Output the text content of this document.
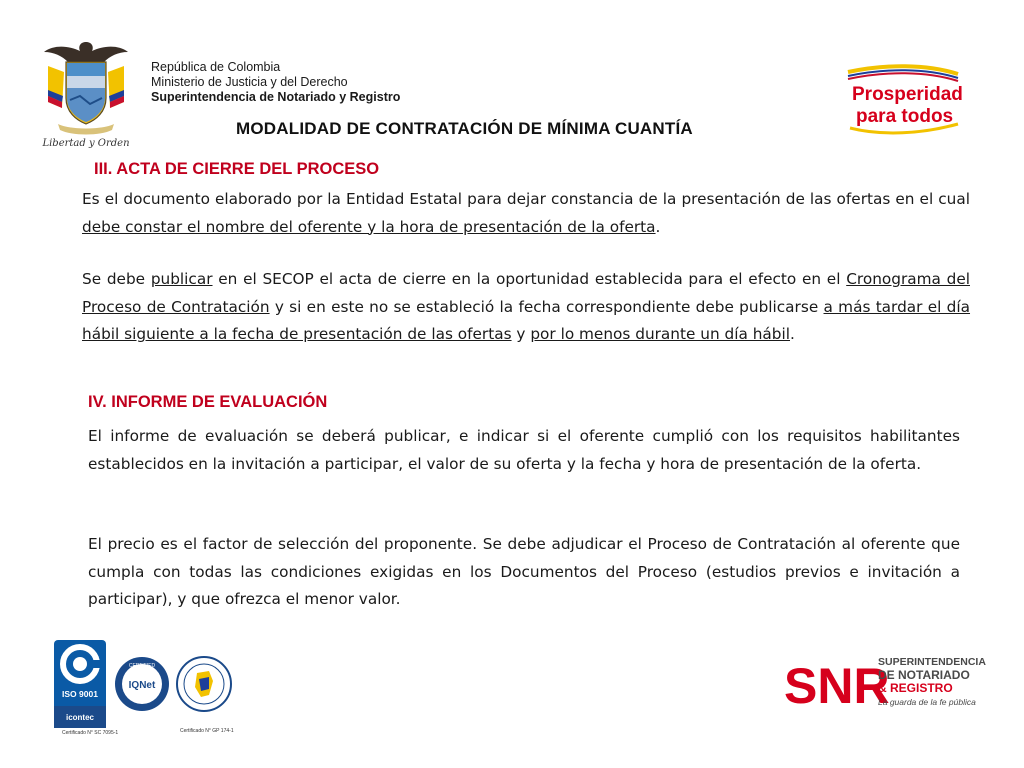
Libertad y Orden
República de Colombia
Ministerio de Justicia y del Derecho
Superintendencia de Notariado y Registro	Prosperidad
para todos
MODALIDAD DE CONTRATACIÓN DE MÍNIMA CUANTÍA
III. ACTA DE CIERRE DEL PROCESO
Es el documento elaborado por la Entidad Estatal para dejar constancia de la presentación de las ofertas en el cual debe constar el nombre del oferente y la hora de presentación de la oferta.
Se debe publicar en el SECOP el acta de cierre en la oportunidad establecida para el efecto en el Cronograma del Proceso de Contratación y si en este no se estableció la fecha correspondiente debe publicarse a más tardar el día hábil siguiente a la fecha de presentación de las ofertas y por lo menos durante un día hábil.
IV. INFORME DE EVALUACIÓN
El informe de evaluación se deberá publicar, e indicar si el oferente cumplió con los requisitos habilitantes establecidos en la invitación a participar, el valor de su oferta y la fecha y hora de presentación de la oferta.
El precio es el factor de selección del proponente. Se debe adjudicar el Proceso de Contratación al oferente que cumpla con todas las condiciones exigidas en los Documentos del Proceso (estudios previos e invitación a participar), y que ofrezca el menor valor.
ISO 9001
icontec
Certificado N° SC 7095-1
CERTIFIED
IQNet
Certificado N° GP 174-1
SNR
SUPERINTENDENCIA
DE NOTARIADO
& REGISTRO
La guarda de la fe pública
